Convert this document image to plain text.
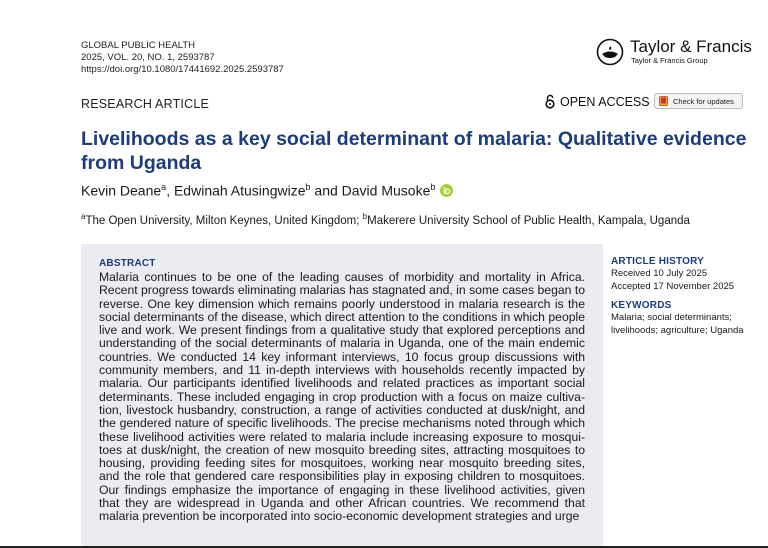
GLOBAL PUBLIC HEALTH
2025, VOL. 20, NO. 1, 2593787
https://doi.org/10.1080/17441692.2025.2593787
Taylor & Francis
Taylor & Francis Group
RESEARCH ARTICLE	OPEN ACCESS	Check for updates
Livelihoods as a key social determinant of malaria: Qualitative evidence from Uganda
Kevin Deane$^a$, Edwinah Atusingwize$^b$ and David Musoke$^b$
$^a$The Open University, Milton Keynes, United Kingdom; $^b$Makerere University School of Public Health, Kampala, Uganda
ABSTRACT

Malaria continues to be one of the leading causes of morbidity and mortality in Africa. Recent progress towards eliminating malarias has stagnated and, in some cases began to reverse. One key dimension which remains poorly understood in malaria research is the social determinants of the disease, which direct attention to the conditions in which people live and work. We present findings from a qualitative study that explored perceptions and understanding of the social determinants of malaria in Uganda, one of the main endemic countries. We conducted 14 key informant interviews, 10 focus group discussions with community members, and 11 in-depth interviews with households recently impacted by malaria. Our participants identified livelihoods and related practices as important social determinants. These included engaging in crop production with a focus on maize cultivation, livestock husbandry, construction, a range of activities conducted at dusk/night, and the gendered nature of specific livelihoods. The precise mechanisms noted through which these livelihood activities were related to malaria include increasing exposure to mosquitoes at dusk/night, the creation of new mosquito breeding sites, attracting mosquitoes to housing, providing feeding sites for mosquitoes, working near mosquito breeding sites, and the role that gendered care responsibilities play in exposing children to mosquitoes. Our findings emphasize the importance of engaging in these livelihood activities, given that they are widespread in Uganda and other African countries. We recommend that malaria prevention be incorporated into socio-economic development strategies and urge

ARTICLE HISTORY
Received 10 July 2025
Accepted 17 November 2025
KEYWORDS
Malaria; social determinants; livelihoods; agriculture; Uganda
